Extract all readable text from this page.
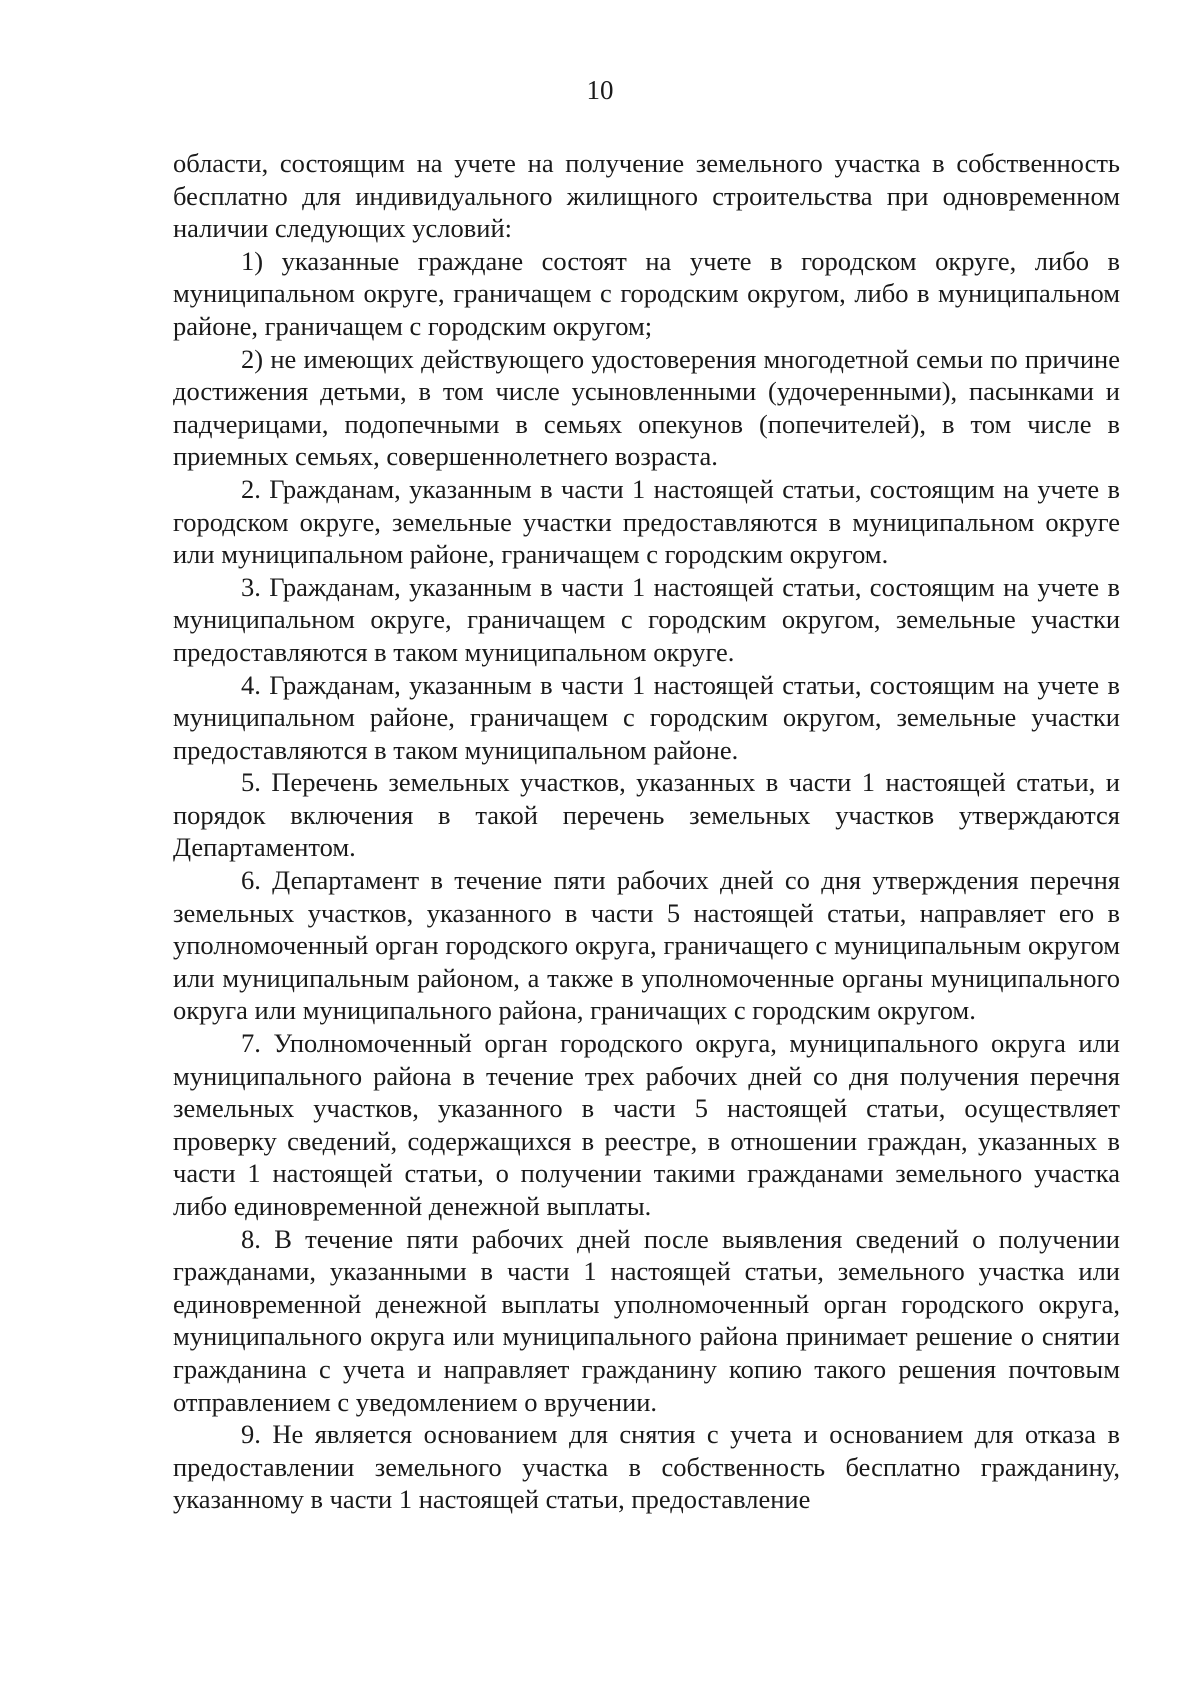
10

области, состоящим на учете на получение земельного участка в собственность бесплатно для индивидуального жилищного строительства при одновременном наличии следующих условий:

1) указанные граждане состоят на учете в городском округе, либо в муниципальном округе, граничащем с городским округом, либо в муниципальном районе, граничащем с городским округом;

2) не имеющих действующего удостоверения многодетной семьи по причине достижения детьми, в том числе усыновленными (удочеренными), пасынками и падчерицами, подопечными в семьях опекунов (попечителей), в том числе в приемных семьях, совершеннолетнего возраста.

2. Гражданам, указанным в части 1 настоящей статьи, состоящим на учете в городском округе, земельные участки предоставляются в муниципальном округе или муниципальном районе, граничащем с городским округом.

3. Гражданам, указанным в части 1 настоящей статьи, состоящим на учете в муниципальном округе, граничащем с городским округом, земельные участки предоставляются в таком муниципальном округе.

4. Гражданам, указанным в части 1 настоящей статьи, состоящим на учете в муниципальном районе, граничащем с городским округом, земельные участки предоставляются в таком муниципальном районе.

5. Перечень земельных участков, указанных в части 1 настоящей статьи, и порядок включения в такой перечень земельных участков утверждаются Департаментом.

6. Департамент в течение пяти рабочих дней со дня утверждения перечня земельных участков, указанного в части 5 настоящей статьи, направляет его в уполномоченный орган городского округа, граничащего с муниципальным округом или муниципальным районом, а также в уполномоченные органы муниципального округа или муниципального района, граничащих с городским округом.

7. Уполномоченный орган городского округа, муниципального округа или муниципального района в течение трех рабочих дней со дня получения перечня земельных участков, указанного в части 5 настоящей статьи, осуществляет проверку сведений, содержащихся в реестре, в отношении граждан, указанных в части 1 настоящей статьи, о получении такими гражданами земельного участка либо единовременной денежной выплаты.

8. В течение пяти рабочих дней после выявления сведений о получении гражданами, указанными в части 1 настоящей статьи, земельного участка или единовременной денежной выплаты уполномоченный орган городского округа, муниципального округа или муниципального района принимает решение о снятии гражданина с учета и направляет гражданину копию такого решения почтовым отправлением с уведомлением о вручении.

9. Не является основанием для снятия с учета и основанием для отказа в предоставлении земельного участка в собственность бесплатно гражданину, указанному в части 1 настоящей статьи, предоставление
